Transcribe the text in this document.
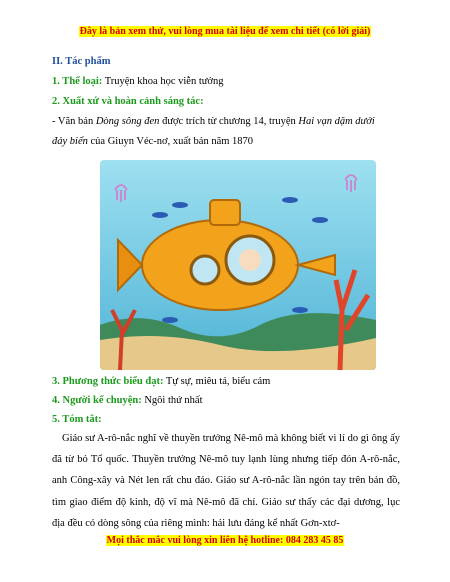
Đây là bản xem thử, vui lòng mua tài liệu để xem chi tiết (có lời giải)
II. Tác phẩm
1. Thể loại: Truyện khoa học viễn tưởng
2. Xuất xứ và hoàn cảnh sáng tác:
- Văn bản Dòng sông đen được trích từ chương 14, truyện Hai vạn dặm dưới
đáy biển của Giuyn Véc-nơ, xuất bản năm 1870
3. Phương thức biểu đạt: Tự sự, miêu tả, biểu cảm
4. Người kể chuyện: Ngôi thứ nhất
5. Tóm tắt:
Giáo sư A-rô-nắc nghĩ về thuyền trưởng Nê-mô mà không biết vì lí do gì ông ấy đã từ bỏ Tổ quốc. Thuyền trưởng Nê-mô tuy lạnh lùng nhưng tiếp đón A-rô-nắc, anh Công-xây và Nét len rất chu đáo. Giáo sư A-rô-nắc lần ngón tay trên bản đồ, tìm giao điểm độ kinh, độ vĩ mà Nê-mô đã chỉ. Giáo sư thấy các đại dương, lục địa đều có dòng sông của riêng mình: hải lưu đáng kể nhất Gơn-xtơ-
Mọi thắc mắc vui lòng xin liên hệ hotline: 084 283 45 85
